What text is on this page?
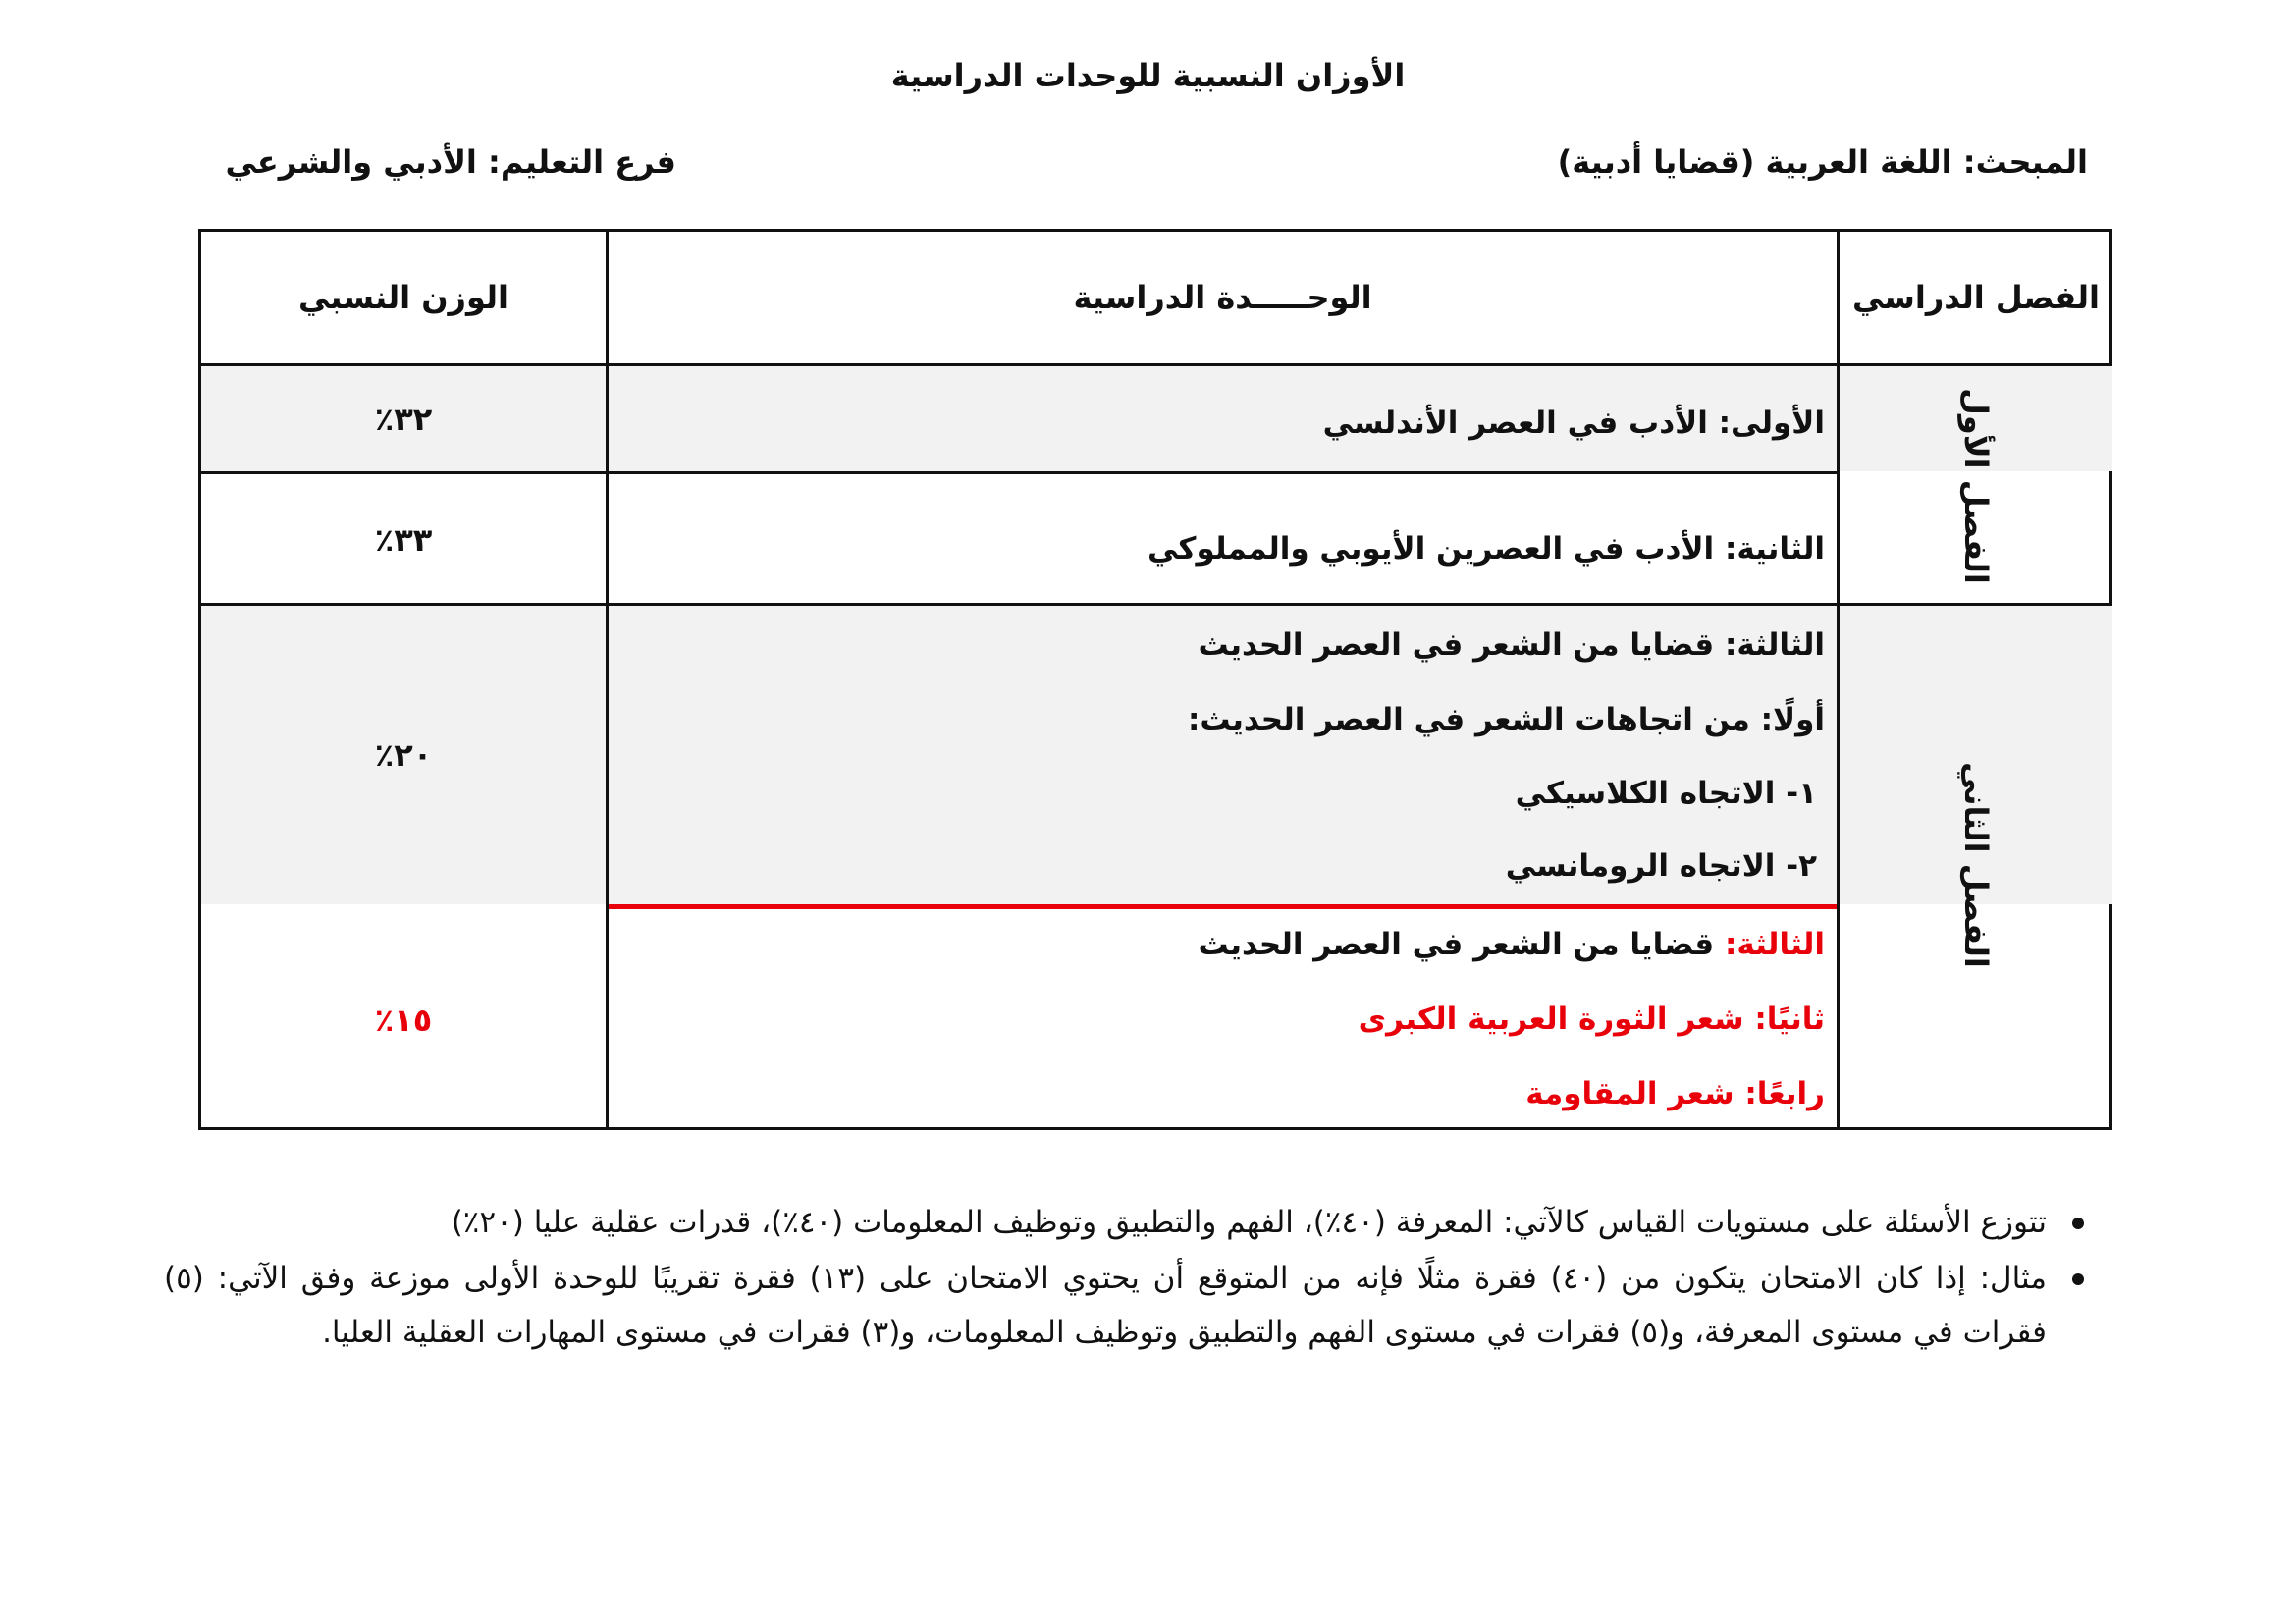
الأوزان النسبية للوحدات الدراسية
المبحث: اللغة العربية (قضايا أدبية)
فرع التعليم: الأدبي والشرعي
الوزن النسبي	الوحـــــدة الدراسية	الفصل الدراسي
الأولى: الأدب في العصر الأندلسي
٣٢٪
الثانية: الأدب في العصرين الأيوبي والمملوكي
٣٣٪
الثالثة: قضايا من الشعر في العصر الحديث
أولًا: من اتجاهات الشعر في العصر الحديث:
١- الاتجاه الكلاسيكي
٢- الاتجاه الرومانسي
٢٠٪
الثالثة: قضايا من الشعر في العصر الحديث
ثانيًا: شعر الثورة العربية الكبرى
رابعًا: شعر المقاومة
١٥٪
الفصل الأول
الفصل الثاني
تتوزع الأسئلة على مستويات القياس كالآتي: المعرفة (٤٠٪)، الفهم والتطبيق وتوظيف المعلومات (٤٠٪)، قدرات عقلية عليا (٢٠٪)
مثال: إذا كان الامتحان يتكون من (٤٠) فقرة مثلًا فإنه من المتوقع أن يحتوي الامتحان على (١٣) فقرة تقريبًا للوحدة الأولى موزعة وفق الآتي: (٥) فقرات في مستوى المعرفة، و(٥) فقرات في مستوى الفهم والتطبيق وتوظيف المعلومات، و(٣) فقرات في مستوى المهارات العقلية العليا.
